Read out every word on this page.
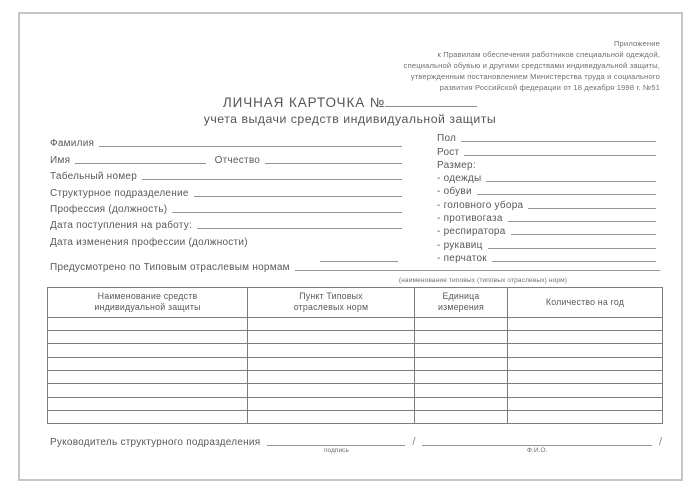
Приложение
к Правилам обеспечения работников специальной одеждой,
специальной обувью и другими средствами индивидуальной защиты,
утвержденным постановлением Министерства труда и социального
развития Российской федерации от 18 декабря 1998 г. №51
ЛИЧНАЯ КАРТОЧКА №
учета выдачи средств индивидуальной защиты
Фамилия
Имя	Отчество
Табельный номер
Структурное подразделение
Профессия (должность)
Дата поступления на работу:
Дата изменения профессии (должности)
Пол
Рост
Размер:
- одежды
- обуви
- головного убора
- противогаза
- респиратора
- рукавиц
- перчаток
Предусмотрено по Типовым отраслевым нормам
(наименование типовых (типовых отраслевых) норм)
Наименование средств
индивидуальной защиты

Пункт Типовых
отраслевых норм

Единица
измерения

Количество на год

Руководитель структурного подразделения
подпись
/
Ф.И.О.
/
